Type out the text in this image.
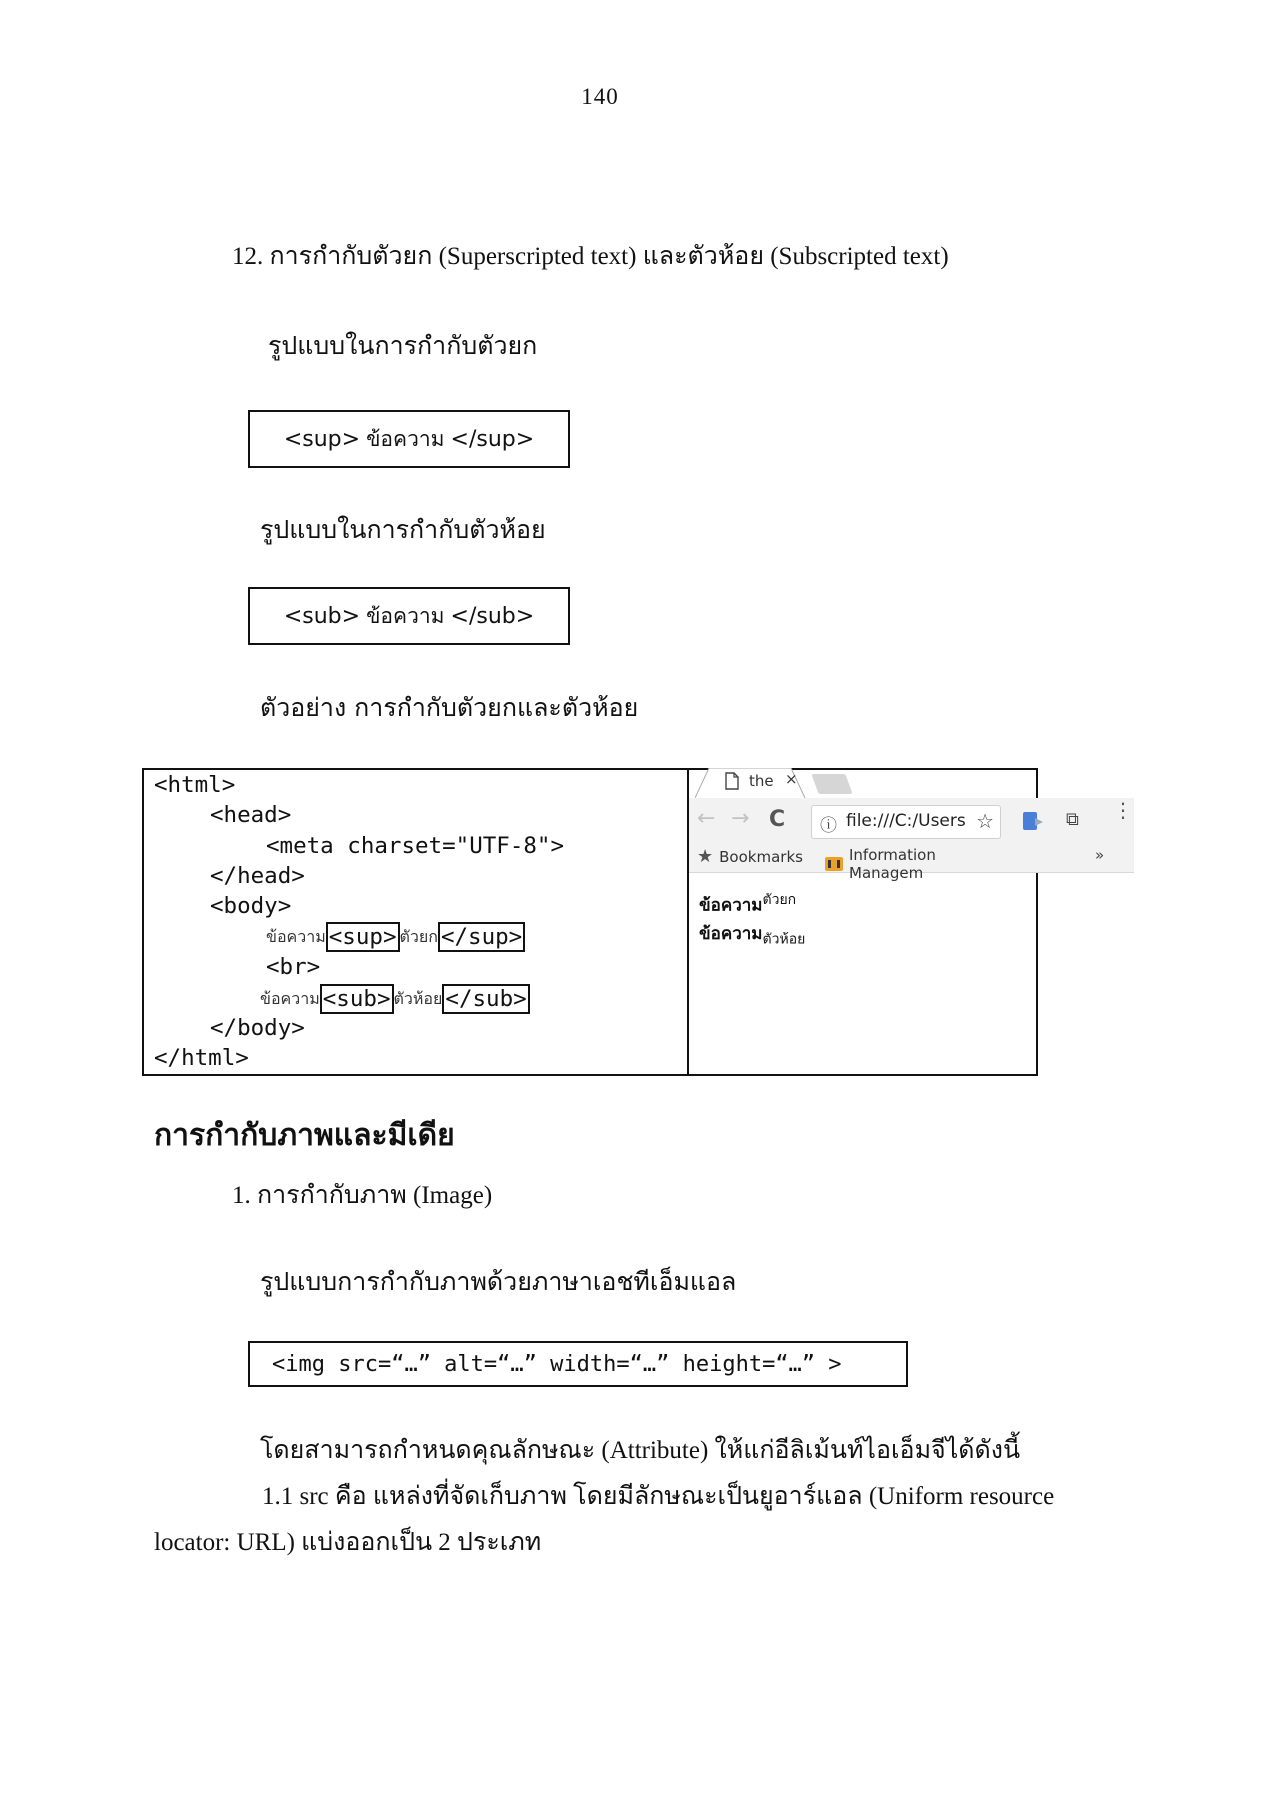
140
12. การกำกับตัวยก (Superscripted text) และตัวห้อย (Subscripted text)
รูปแบบในการกำกับตัวยก
<sup> ข้อความ </sup>
รูปแบบในการกำกับตัวห้อย
<sub> ข้อความ </sub>
ตัวอย่าง การกำกับตัวยกและตัวห้อย
<html>
<head>
<meta charset="UTF-8">
</head>
<body>
ข้อความ <sup> ตัวยก </sup>
<br>
ข้อความ <sub> ตัวห้อย </sub>
</body>
</html>
the ×
← → C ⓘ file:///C:/Users ☆	⧉ ⋮
★ Bookmarks	Information Managem
»
ข้อความ$^{ตัวยก}$
ข้อความ$_{ตัวห้อย}$
การกำกับภาพและมีเดีย
1. การกำกับภาพ (Image)
รูปแบบการกำกับภาพด้วยภาษาเอชทีเอ็มแอล
<img src=“…” alt=“…” width=“…” height=“…” >
โดยสามารถกำหนดคุณลักษณะ (Attribute) ให้แก่อีลิเม้นท์ไอเอ็มจีได้ดังนี้
1.1 src คือ แหล่งที่จัดเก็บภาพ โดยมีลักษณะเป็นยูอาร์แอล (Uniform resource
locator: URL) แบ่งออกเป็น 2 ประเภท
